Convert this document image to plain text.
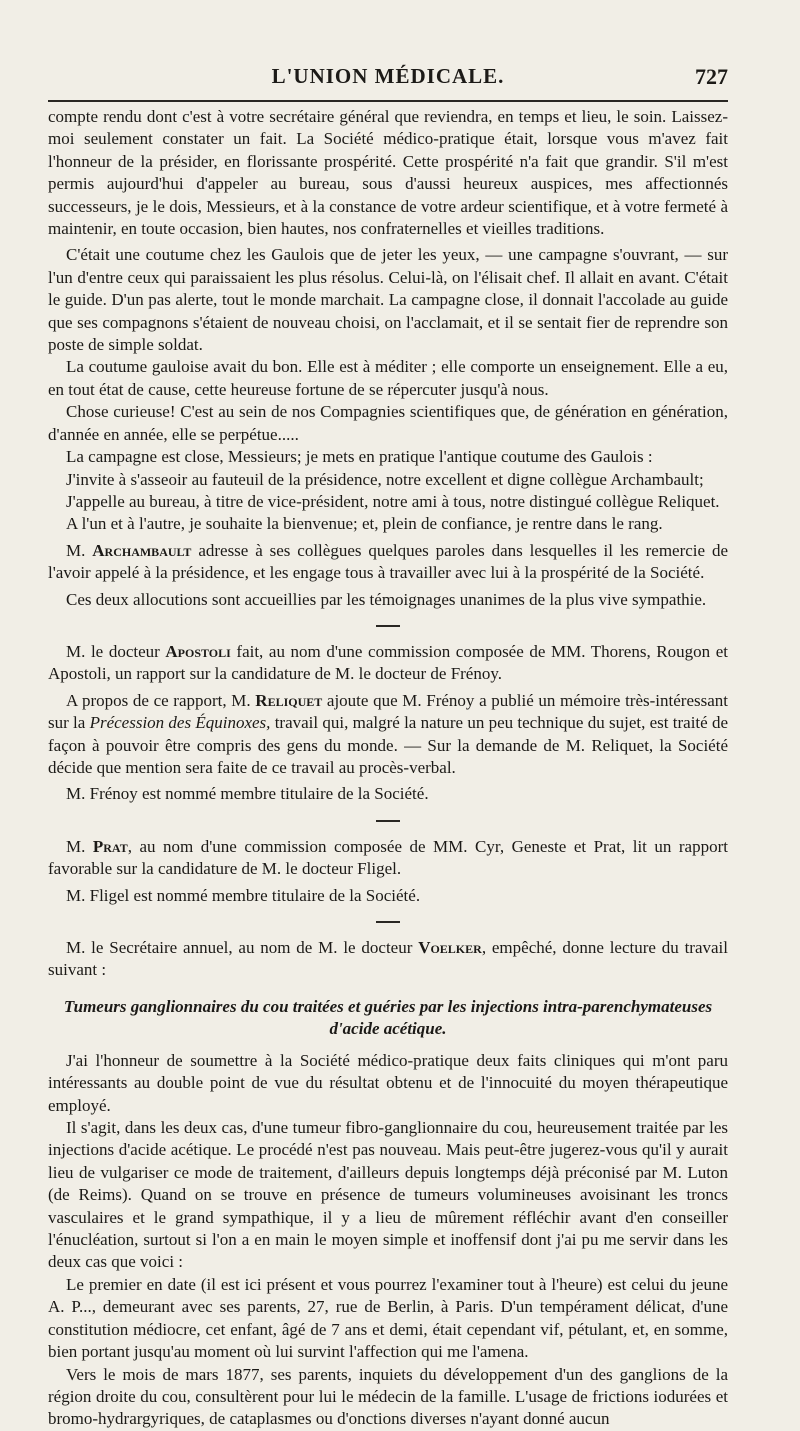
L'UNION MÉDICALE.	727

compte rendu dont c'est à votre secrétaire général que reviendra, en temps et lieu, le soin. Laissez-moi seulement constater un fait. La Société médico-pratique était, lorsque vous m'avez fait l'honneur de la présider, en florissante prospérité. Cette prospérité n'a fait que grandir. S'il m'est permis aujourd'hui d'appeler au bureau, sous d'aussi heureux auspices, mes affectionnés successeurs, je le dois, Messieurs, et à la constance de votre ardeur scientifique, et à votre fermeté à maintenir, en toute occasion, bien hautes, nos confraternelles et vieilles traditions.

C'était une coutume chez les Gaulois que de jeter les yeux, — une campagne s'ouvrant, — sur l'un d'entre ceux qui paraissaient les plus résolus. Celui-là, on l'élisait chef. Il allait en avant. C'était le guide. D'un pas alerte, tout le monde marchait. La campagne close, il donnait l'accolade au guide que ses compagnons s'étaient de nouveau choisi, on l'acclamait, et il se sentait fier de reprendre son poste de simple soldat.

La coutume gauloise avait du bon. Elle est à méditer ; elle comporte un enseignement. Elle a eu, en tout état de cause, cette heureuse fortune de se répercuter jusqu'à nous.

Chose curieuse! C'est au sein de nos Compagnies scientifiques que, de génération en génération, d'année en année, elle se perpétue.....

La campagne est close, Messieurs; je mets en pratique l'antique coutume des Gaulois :

J'invite à s'asseoir au fauteuil de la présidence, notre excellent et digne collègue Archambault;

J'appelle au bureau, à titre de vice-président, notre ami à tous, notre distingué collègue Reliquet.

A l'un et à l'autre, je souhaite la bienvenue; et, plein de confiance, je rentre dans le rang.

M. Archambault adresse à ses collègues quelques paroles dans lesquelles il les remercie de l'avoir appelé à la présidence, et les engage tous à travailler avec lui à la prospérité de la Société.

Ces deux allocutions sont accueillies par les témoignages unanimes de la plus vive sympathie.

M. le docteur Apostoli fait, au nom d'une commission composée de MM. Thorens, Rougon et Apostoli, un rapport sur la candidature de M. le docteur de Frénoy.

A propos de ce rapport, M. Reliquet ajoute que M. Frénoy a publié un mémoire très-intéressant sur la Précession des Équinoxes, travail qui, malgré la nature un peu technique du sujet, est traité de façon à pouvoir être compris des gens du monde. — Sur la demande de M. Reliquet, la Société décide que mention sera faite de ce travail au procès-verbal.

M. Frénoy est nommé membre titulaire de la Société.

M. Prat, au nom d'une commission composée de MM. Cyr, Geneste et Prat, lit un rapport favorable sur la candidature de M. le docteur Fligel.

M. Fligel est nommé membre titulaire de la Société.

M. le Secrétaire annuel, au nom de M. le docteur Voelker, empêché, donne lecture du travail suivant :

Tumeurs ganglionnaires du cou traitées et guéries par les injections intra-parenchymateuses d'acide acétique.

J'ai l'honneur de soumettre à la Société médico-pratique deux faits cliniques qui m'ont paru intéressants au double point de vue du résultat obtenu et de l'innocuité du moyen thérapeutique employé.

Il s'agit, dans les deux cas, d'une tumeur fibro-ganglionnaire du cou, heureusement traitée par les injections d'acide acétique. Le procédé n'est pas nouveau. Mais peut-être jugerez-vous qu'il y aurait lieu de vulgariser ce mode de traitement, d'ailleurs depuis longtemps déjà préconisé par M. Luton (de Reims). Quand on se trouve en présence de tumeurs volumineuses avoisinant les troncs vasculaires et le grand sympathique, il y a lieu de mûrement réfléchir avant d'en conseiller l'énucléation, surtout si l'on a en main le moyen simple et inoffensif dont j'ai pu me servir dans les deux cas que voici :

Le premier en date (il est ici présent et vous pourrez l'examiner tout à l'heure) est celui du jeune A. P..., demeurant avec ses parents, 27, rue de Berlin, à Paris. D'un tempérament délicat, d'une constitution médiocre, cet enfant, âgé de 7 ans et demi, était cependant vif, pétulant, et, en somme, bien portant jusqu'au moment où lui survint l'affection qui me l'amena.

Vers le mois de mars 1877, ses parents, inquiets du développement d'un des ganglions de la région droite du cou, consultèrent pour lui le médecin de la famille. L'usage de frictions iodurées et bromo-hydrargyriques, de cataplasmes ou d'onctions diverses n'ayant donné aucun
